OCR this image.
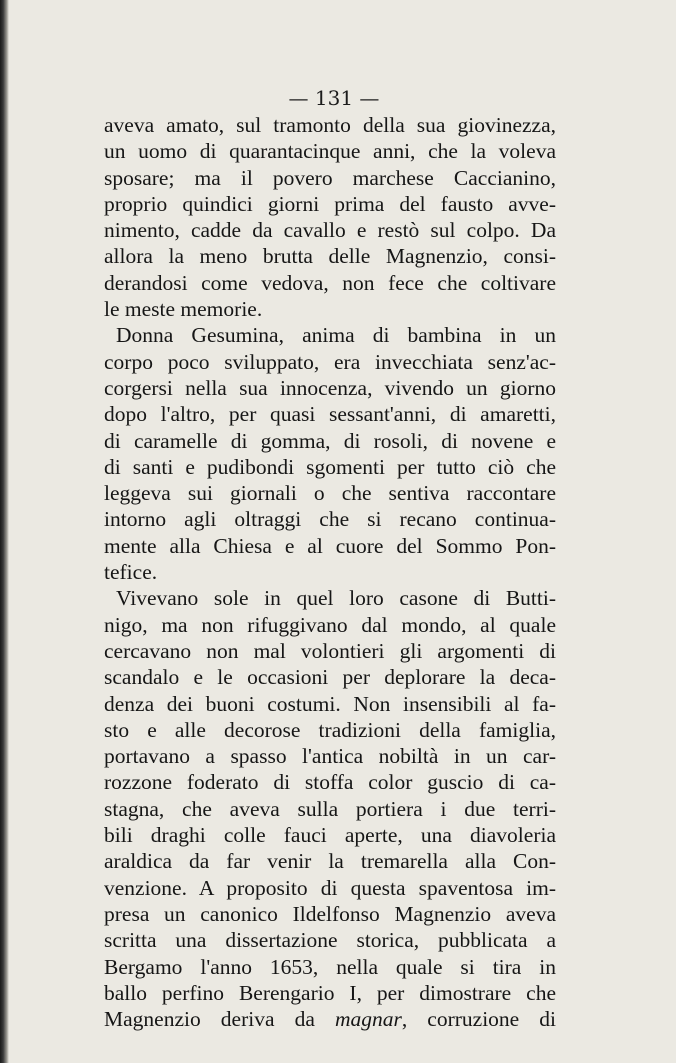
— 131 —
aveva amato, sul tramonto della sua giovinezza,
un uomo di quarantacinque anni, che la voleva
sposare; ma il povero marchese Caccianino,
proprio quindici giorni prima del fausto avve-
nimento, cadde da cavallo e restò sul colpo. Da
allora la meno brutta delle Magnenzio, consi-
derandosi come vedova, non fece che coltivare
le meste memorie.
Donna Gesumina, anima di bambina in un
corpo poco sviluppato, era invecchiata senz'ac-
corgersi nella sua innocenza, vivendo un giorno
dopo l'altro, per quasi sessant'anni, di amaretti,
di caramelle di gomma, di rosoli, di novene e
di santi e pudibondi sgomenti per tutto ciò che
leggeva sui giornali o che sentiva raccontare
intorno agli oltraggi che si recano continua-
mente alla Chiesa e al cuore del Sommo Pon-
tefice.
Vivevano sole in quel loro casone di Butti-
nigo, ma non rifuggivano dal mondo, al quale
cercavano non mal volontieri gli argomenti di
scandalo e le occasioni per deplorare la deca-
denza dei buoni costumi. Non insensibili al fa-
sto e alle decorose tradizioni della famiglia,
portavano a spasso l'antica nobiltà in un car-
rozzone foderato di stoffa color guscio di ca-
stagna, che aveva sulla portiera i due terri-
bili draghi colle fauci aperte, una diavoleria
araldica da far venir la tremarella alla Con-
venzione. A proposito di questa spaventosa im-
presa un canonico Ildelfonso Magnenzio aveva
scritta una dissertazione storica, pubblicata a
Bergamo l'anno 1653, nella quale si tira in
ballo perfino Berengario I, per dimostrare che
Magnenzio deriva da magnar, corruzione di
